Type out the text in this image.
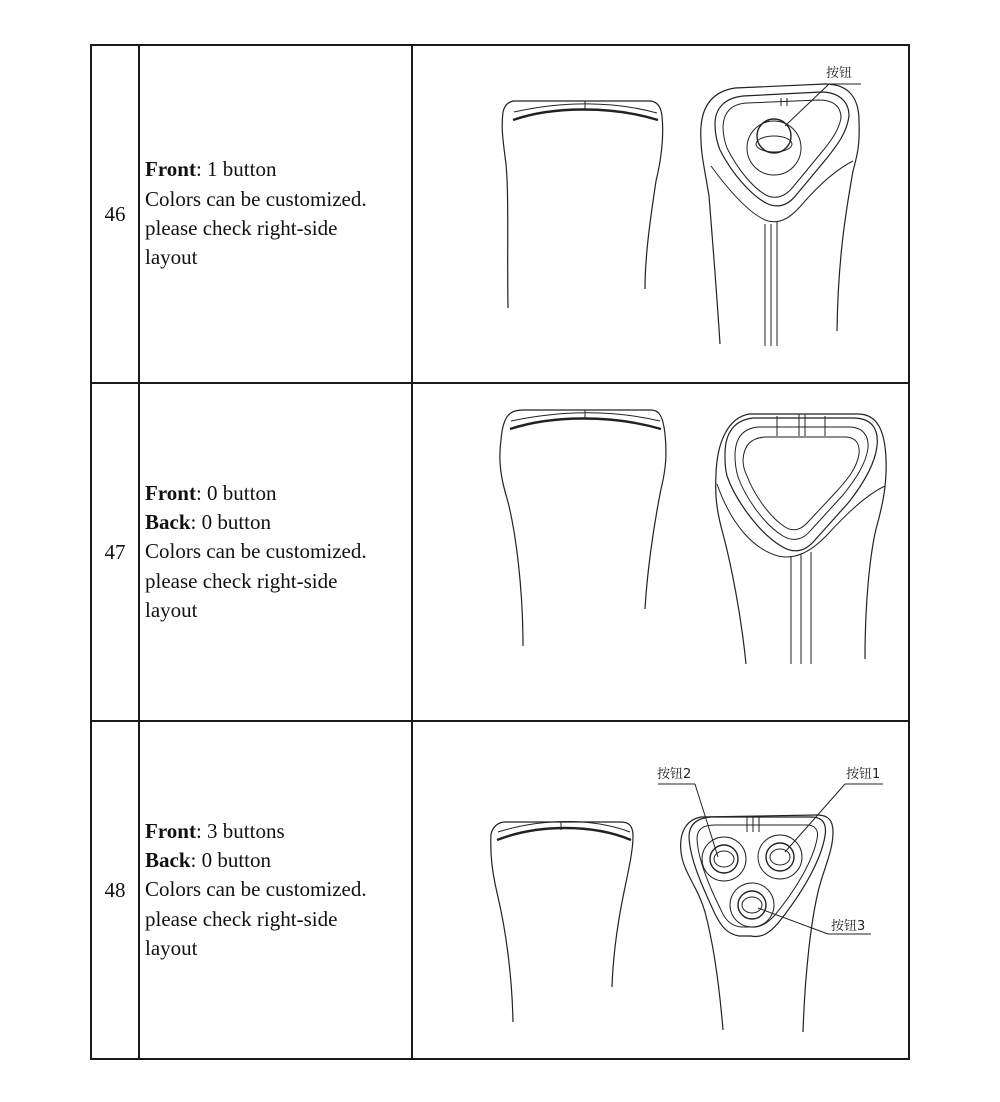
46	Front: 1 button
Colors can be customized.
please check right-side
layout	按钮

47	Front: 0 button
Back: 0 button
Colors can be customized.
please check right-side
layout

48	Front: 3 buttons
Back: 0 button
Colors can be customized.
please check right-side
layout	按钮2 按钮1
按钮3
